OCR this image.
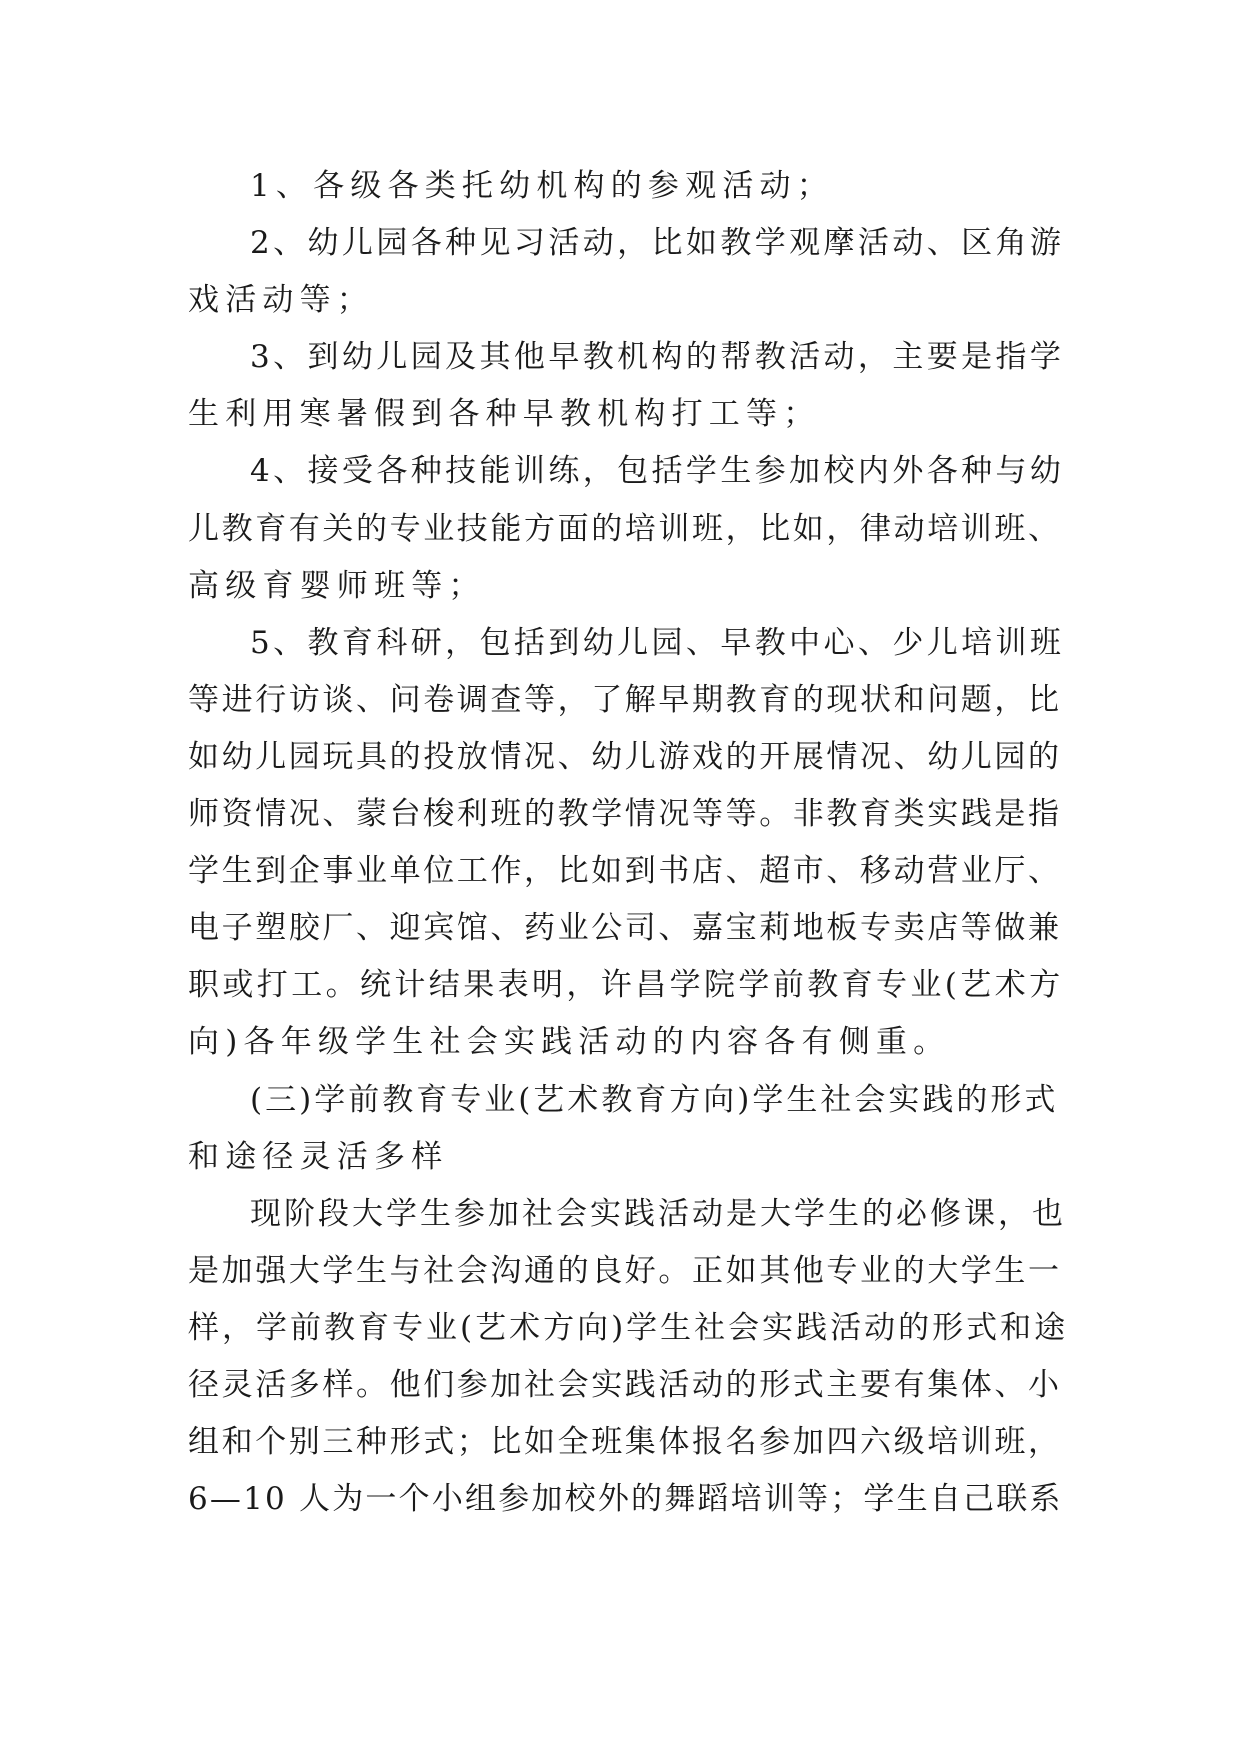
1、各级各类托幼机构的参观活动；
2、幼儿园各种见习活动，比如教学观摩活动、区角游
戏活动等；
3、到幼儿园及其他早教机构的帮教活动，主要是指学
生利用寒暑假到各种早教机构打工等；
4、接受各种技能训练，包括学生参加校内外各种与幼
儿教育有关的专业技能方面的培训班，比如，律动培训班、
高级育婴师班等；
5、教育科研，包括到幼儿园、早教中心、少儿培训班
等进行访谈、问卷调查等，了解早期教育的现状和问题，比
如幼儿园玩具的投放情况、幼儿游戏的开展情况、幼儿园的
师资情况、蒙台梭利班的教学情况等等。非教育类实践是指
学生到企事业单位工作，比如到书店、超市、移动营业厅、
电子塑胶厂、迎宾馆、药业公司、嘉宝莉地板专卖店等做兼
职或打工。统计结果表明，许昌学院学前教育专业(艺术方
向)各年级学生社会实践活动的内容各有侧重。
(三)学前教育专业(艺术教育方向)学生社会实践的形式
和途径灵活多样
现阶段大学生参加社会实践活动是大学生的必修课，也
是加强大学生与社会沟通的良好。正如其他专业的大学生一
样，学前教育专业(艺术方向)学生社会实践活动的形式和途
径灵活多样。他们参加社会实践活动的形式主要有集体、小
组和个别三种形式；比如全班集体报名参加四六级培训班，
6—10 人为一个小组参加校外的舞蹈培训等；学生自己联系
